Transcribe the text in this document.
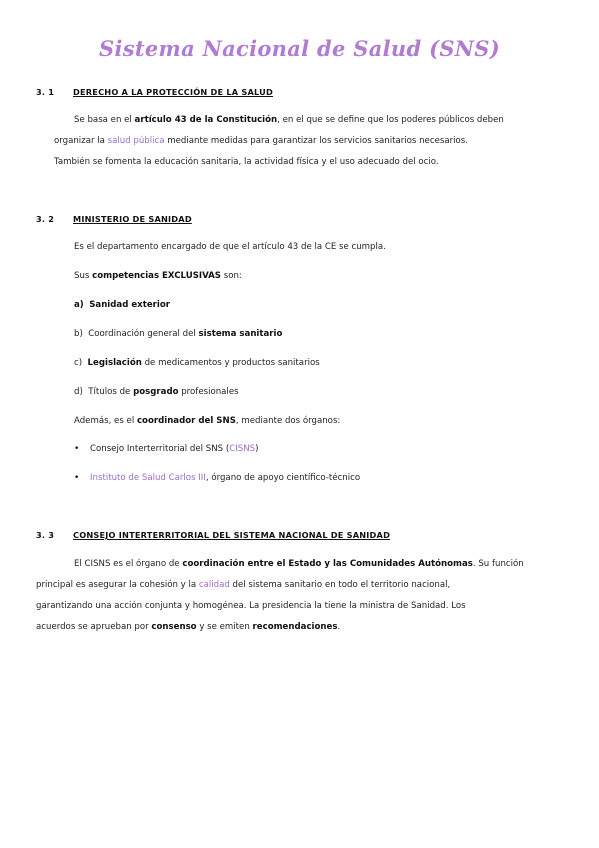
Sistema Nacional de Salud (SNS)
3. 1 DERECHO A LA PROTECCIÓN DE LA SALUD
Se basa en el artículo 43 de la Constitución, en el que se define que los poderes públicos deben
organizar la salud pública mediante medidas para garantizar los servicios sanitarios necesarios.
También se fomenta la educación sanitaria, la actividad física y el uso adecuado del ocio.
3. 2 MINISTERIO DE SANIDAD
Es el departamento encargado de que el artículo 43 de la CE se cumpla.
Sus competencias EXCLUSIVAS son:
a) Sanidad exterior
b) Coordinación general del sistema sanitario
c) Legislación de medicamentos y productos sanitarios
d) Títulos de posgrado profesionales
Además, es el coordinador del SNS, mediante dos órganos:
• Consejo Interterritorial del SNS (CISNS)
• Instituto de Salud Carlos III, órgano de apoyo científico-técnico
3. 3 CONSEJO INTERTERRITORIAL DEL SISTEMA NACIONAL DE SANIDAD
El CISNS es el órgano de coordinación entre el Estado y las Comunidades Autónomas. Su función
principal es asegurar la cohesión y la calidad del sistema sanitario en todo el territorio nacional,
garantizando una acción conjunta y homogénea. La presidencia la tiene la ministra de Sanidad. Los
acuerdos se aprueban por consenso y se emiten recomendaciones.
